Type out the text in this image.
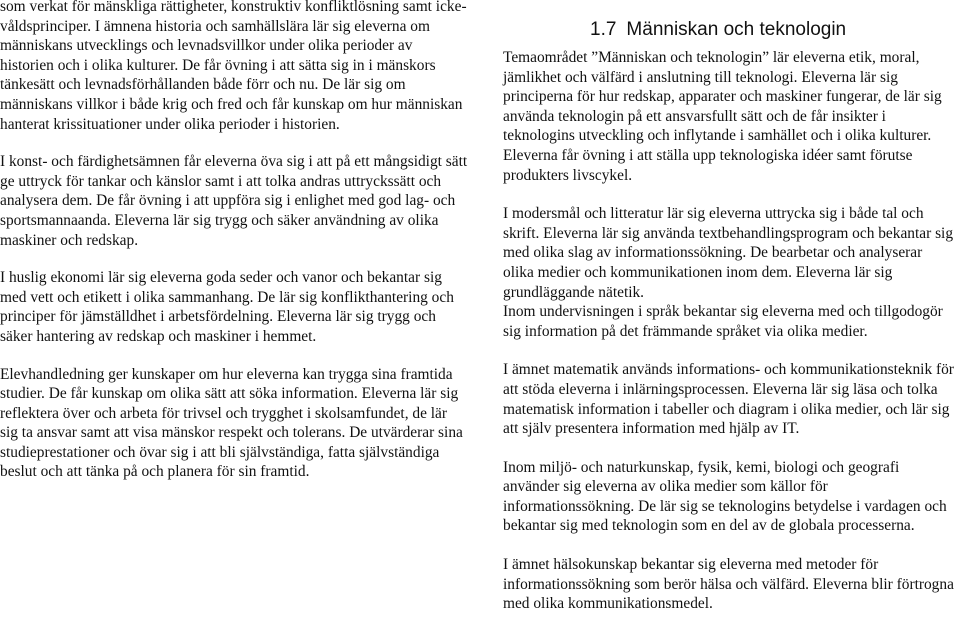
som verkat för mänskliga rättigheter, konstruktiv konfliktlösning samt icke-våldsprinciper. I ämnena historia och samhällslära lär sig eleverna om människans utvecklings och levnadsvillkor under olika perioder av historien och i olika kulturer. De får övning i att sätta sig in i mänskors tänkesätt och levnadsförhållanden både förr och nu. De lär sig om människans villkor i både krig och fred och får kunskap om hur människan hanterat krissituationer under olika perioder i historien.

I konst- och färdighetsämnen får eleverna öva sig i att på ett mångsidigt sätt ge uttryck för tankar och känslor samt i att tolka andras uttryckssätt och analysera dem. De får övning i att uppföra sig i enlighet med god lag- och sportsmannaanda. Eleverna lär sig trygg och säker användning av olika maskiner och redskap.

I huslig ekonomi lär sig eleverna goda seder och vanor och bekantar sig med vett och etikett i olika sammanhang. De lär sig konflikthantering och principer för jämställdhet i arbetsfördelning. Eleverna lär sig trygg och säker hantering av redskap och maskiner i hemmet.

Elevhandledning ger kunskaper om hur eleverna kan trygga sina framtida studier. De får kunskap om olika sätt att söka information. Eleverna lär sig reflektera över och arbeta för trivsel och trygghet i skolsamfundet, de lär sig ta ansvar samt att visa mänskor respekt och tolerans. De utvärderar sina studieprestationer och övar sig i att bli självständiga, fatta självständiga beslut och att tänka på och planera för sin framtid.

1.7 Människan och teknologin

Temaområdet ”Människan och teknologin” lär eleverna etik, moral, jämlikhet och välfärd i anslutning till teknologi. Eleverna lär sig principerna för hur redskap, apparater och maskiner fungerar, de lär sig använda teknologin på ett ansvarsfullt sätt och de får insikter i teknologins utveckling och inflytande i samhället och i olika kulturer. Eleverna får övning i att ställa upp teknologiska idéer samt förutse produkters livscykel.

I modersmål och litteratur lär sig eleverna uttrycka sig i både tal och skrift. Eleverna lär sig använda textbehandlingsprogram och bekantar sig med olika slag av informationssökning. De bearbetar och analyserar olika medier och kommunikationen inom dem. Eleverna lär sig grundläggande nätetik.

Inom undervisningen i språk bekantar sig eleverna med och tillgodogör sig information på det främmande språket via olika medier.

I ämnet matematik används informations- och kommunikationsteknik för att stöda eleverna i inlärningsprocessen. Eleverna lär sig läsa och tolka matematisk information i tabeller och diagram i olika medier, och lär sig att själv presentera information med hjälp av IT.

Inom miljö- och naturkunskap, fysik, kemi, biologi och geografi använder sig eleverna av olika medier som källor för informationssökning. De lär sig se teknologins betydelse i vardagen och bekantar sig med teknologin som en del av de globala processerna.

I ämnet hälsokunskap bekantar sig eleverna med metoder för informationssökning som berör hälsa och välfärd. Eleverna blir förtrogna med olika kommunikationsmedel.
